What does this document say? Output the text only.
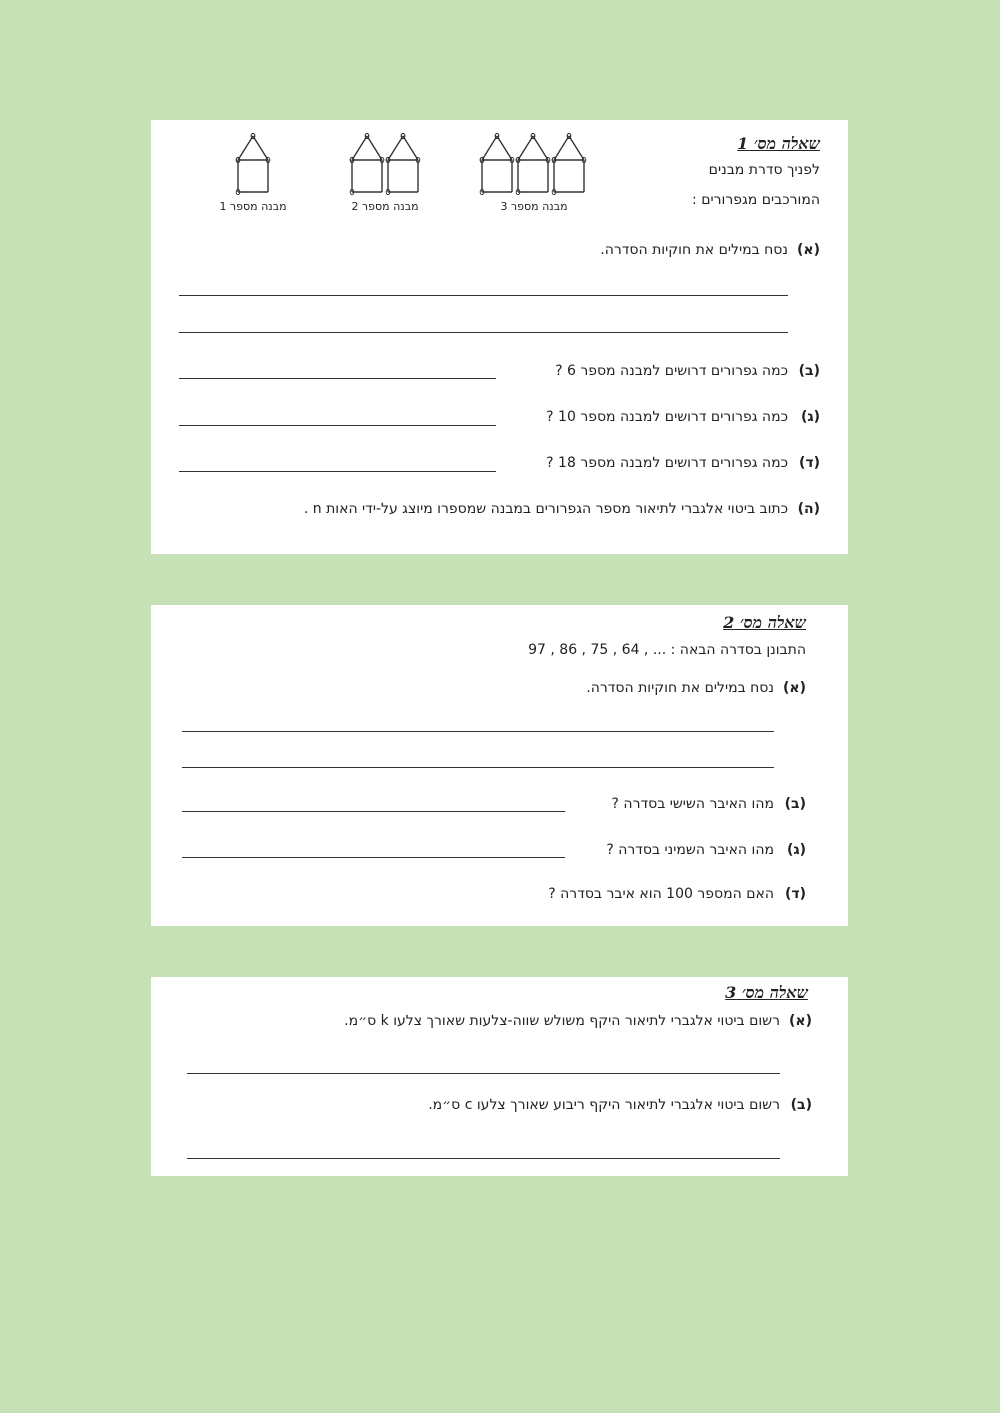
שאלה מס׳ 1
לפניך סדרת מבנים
המורכבים מגפרורים :
מבנה מספר 3
מבנה מספר 2
מבנה מספר 1
(א)
נסח במילים את חוקיות הסדרה.
(ב)
כמה גפרורים דרושים למבנה מספר 6 ?
(ג)
כמה גפרורים דרושים למבנה מספר 10 ?
(ד)
כמה גפרורים דרושים למבנה מספר 18 ?
(ה)
כתוב ביטוי אלגברי לתיאור מספר הגפרורים במבנה שמספרו מיוצג על-ידי האות n .
שאלה מס׳ 2
התבונן בסדרה הבאה : ... , 64 , 75 , 86 , 97
(א)
נסח במילים את חוקיות הסדרה.
(ב)
מהו האיבר השישי בסדרה ?
(ג)
מהו האיבר השמיני בסדרה ?
(ד)
האם המספר 100 הוא איבר בסדרה ?
שאלה מס׳ 3
(א)
רשום ביטוי אלגברי לתיאור היקף משולש שווה-צלעות שאורך צלעו k ס״מ.
(ב)
רשום ביטוי אלגברי לתיאור היקף ריבוע שאורך צלעו c ס״מ.
